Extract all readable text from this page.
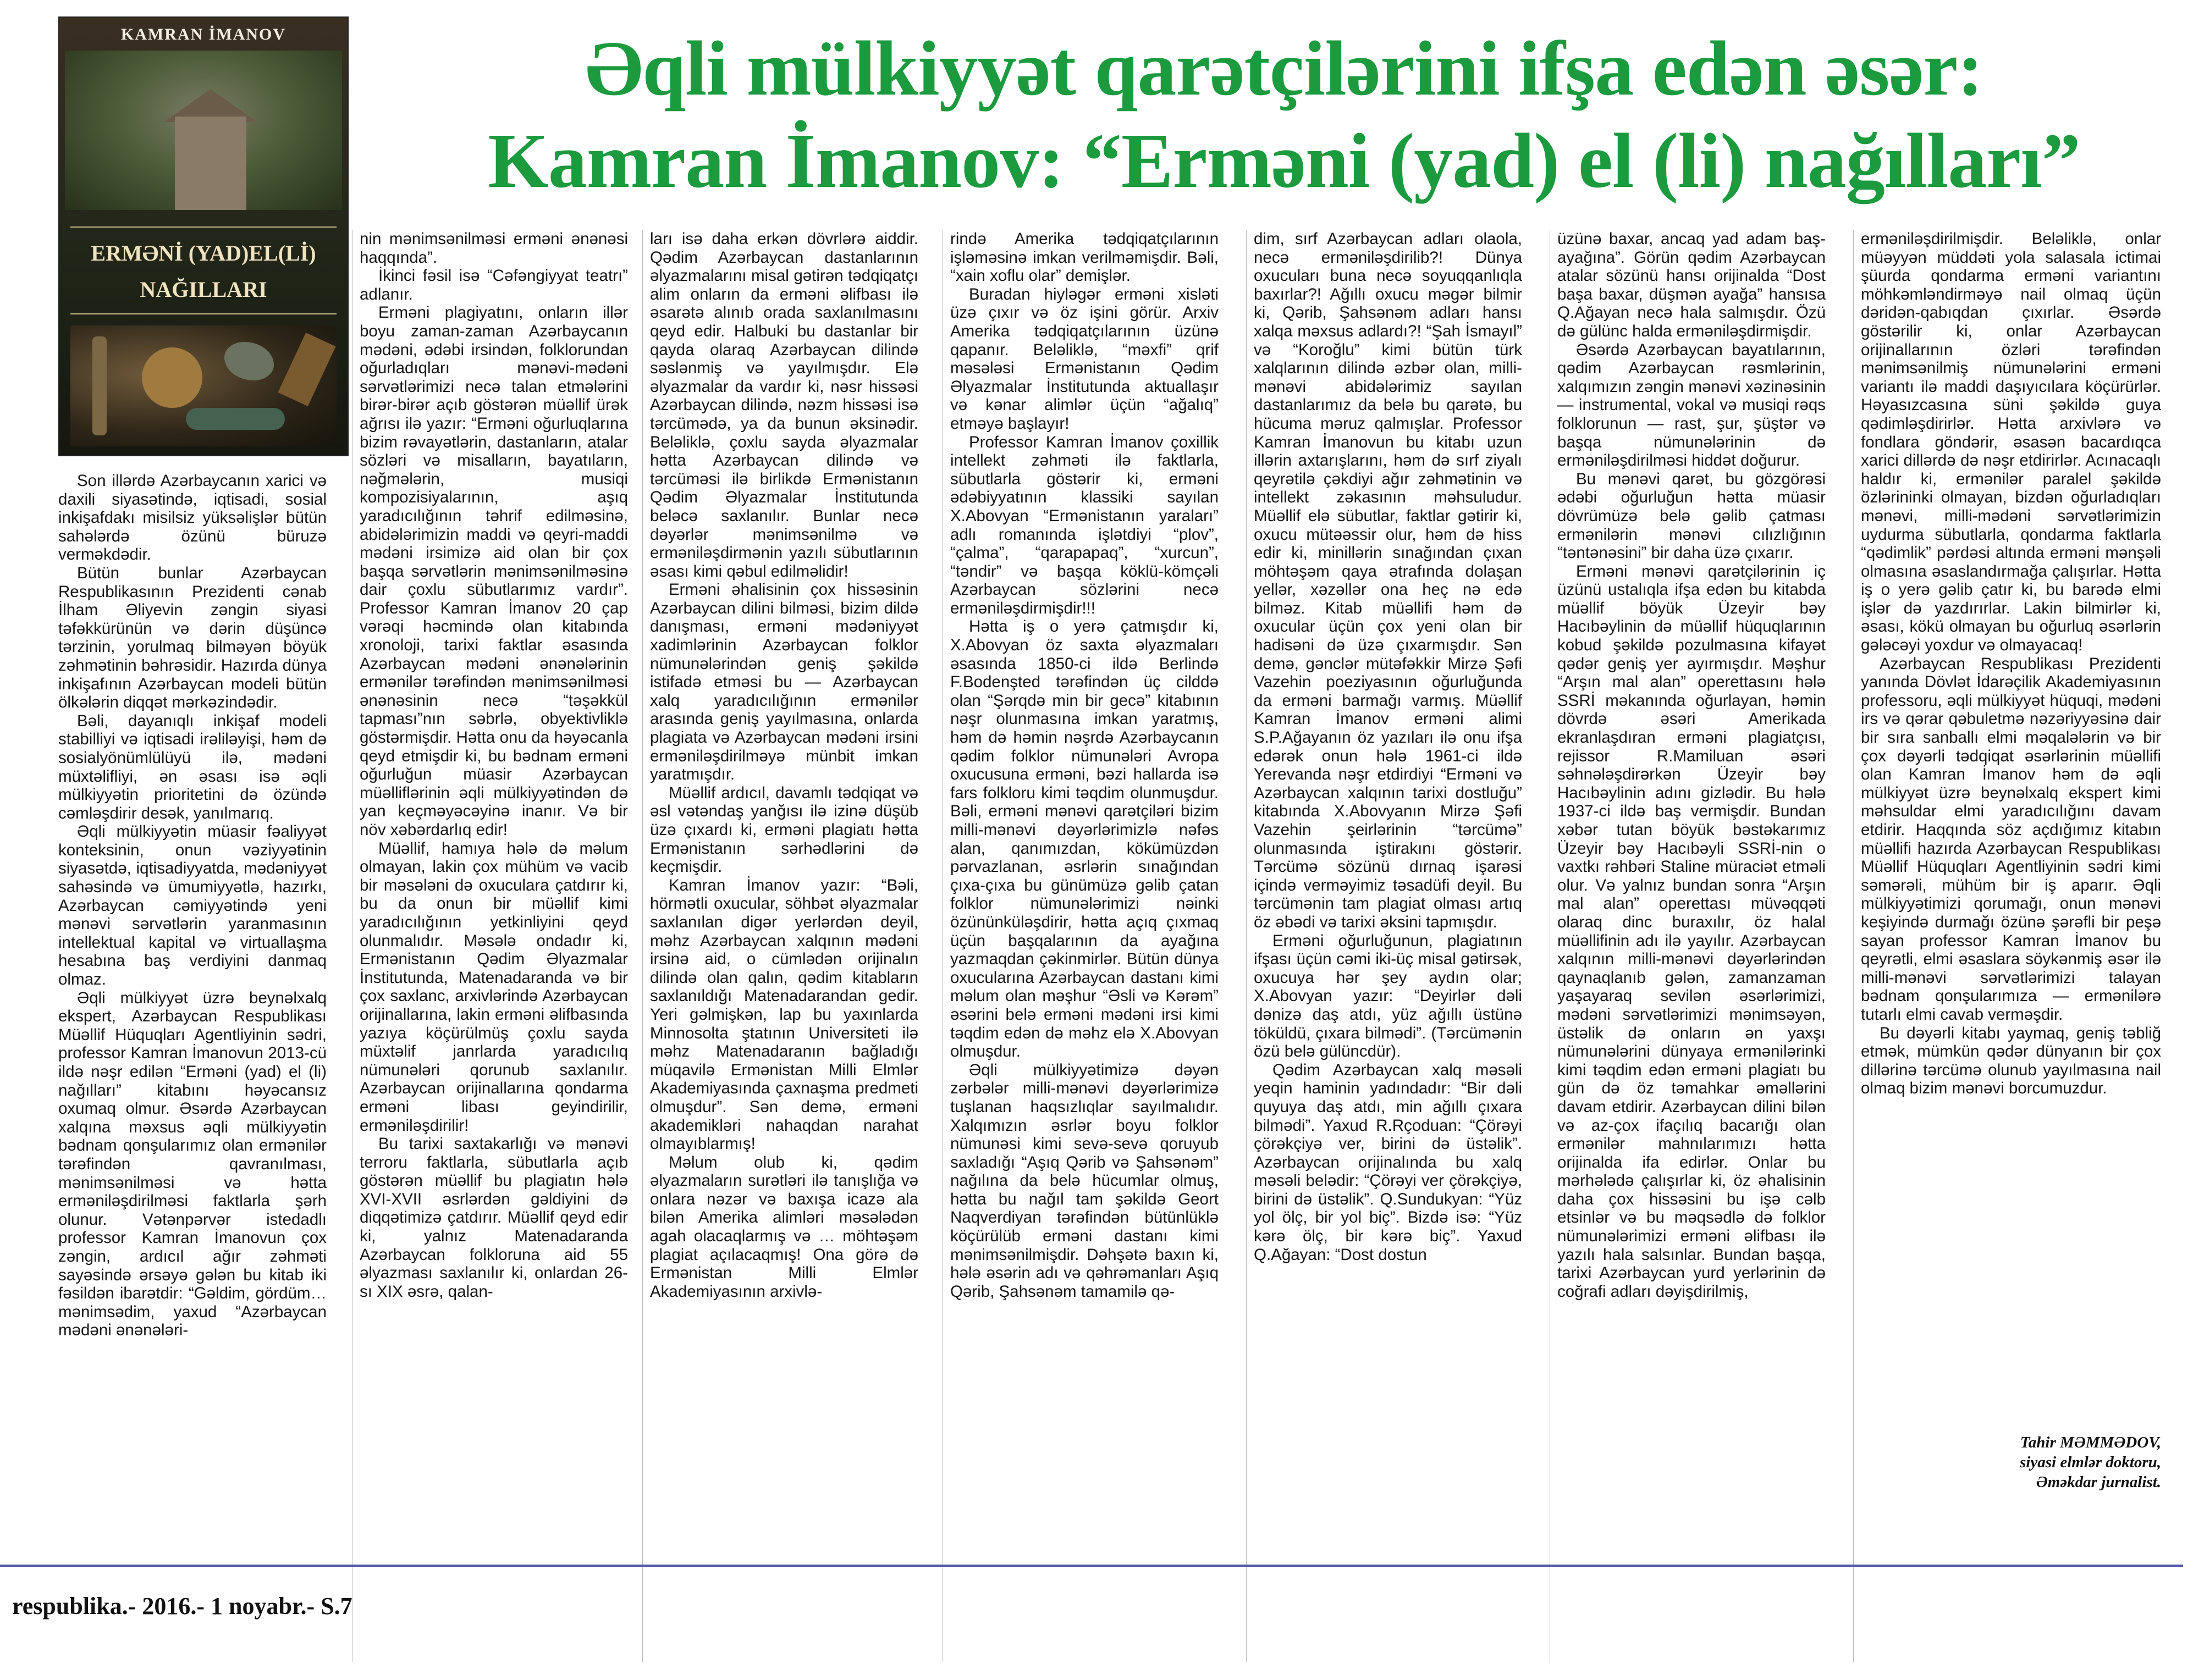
KAMRAN İMANOV
ERMƏNİ (YAD)EL(Lİ) NAĞILLARI
Əqli mülkiyyət qarətçilərini ifşa edən əsər:
Kamran İmanov: “Erməni (yad) el (li) nağılları”

Son illərdə Azərbaycanın xarici və daxili siyasətində, iqtisadi, sosial inkişafdakı misilsiz yüksəlişlər bütün sahələrdə özünü büruzə verməkdədir.

Bütün bunlar Azərbaycan Respublikasının Prezidenti cənab İlham Əliyevin zəngin siyasi təfəkkürünün və dərin düşüncə tərzinin, yorulmaq bilməyən böyük zəhmətinin bəhrəsidir. Hazırda dünya inkişafının Azərbaycan modeli bütün ölkələrin diqqət mərkəzindədir.

Bəli, dayanıqlı inkişaf modeli stabilliyi və iqtisadi irəliləyişi, həm də sosialyönümlülüyü ilə, mədəni müxtəlifliyi, ən əsası isə əqli mülkiyyətin prioritetini də özündə cəmləşdirir desək, yanılmarıq.

Əqli mülkiyyətin müasir fəaliyyət konteksinin, onun vəziyyətinin siyasətdə, iqtisadiyyatda, mədəniyyət sahəsində və ümumiyyətlə, hazırkı, Azərbaycan cəmiyyətində yeni mənəvi sərvətlərin yaranmasının intellektual kapital və virtuallaşma hesabına baş verdiyini danmaq olmaz.

Əqli mülkiyyət üzrə beynəlxalq ekspert, Azərbaycan Respublikası Müəllif Hüquqları Agentliyinin sədri, professor Kamran İmanovun 2013-cü ildə nəşr edilən “Erməni (yad) el (li) nağılları” kitabını həyəcansız oxumaq olmur. Əsərdə Azərbaycan xalqına məxsus əqli mülkiyyətin bədnam qonşularımız olan ermənilər tərəfindən qavranılması, mənimsənilməsi və hətta erməniləşdirilməsi faktlarla şərh olunur. Vətənpərvər istedadlı professor Kamran İmanovun çox zəngin, ardıcıl ağır zəhməti sayəsində ərsəyə gələn bu kitab iki fəsildən ibarətdir: “Gəldim, gördüm… mənimsədim, yaxud “Azərbaycan mədəni ənənələri-

nin mənimsənilməsi erməni ənənəsi haqqında”.

İkinci fəsil isə “Cəfəngiyyat teatrı” adlanır.

Erməni plagiyatını, onların illər boyu zaman-zaman Azərbaycanın mədəni, ədəbi irsindən, folklorundan oğurladıqları mənəvi-mədəni sərvətlərimizi necə talan etmələrini birər-birər açıb göstərən müəllif ürək ağrısı ilə yazır: “Erməni oğurluqlarına bizim rəvayətlərin, dastanların, atalar sözləri və misalların, bayatıların, nəğmələrin, musiqi kompozisiyalarının, aşıq yaradıcılığının təhrif edilməsinə, abidələrimizin maddi və qeyri-maddi mədəni irsimizə aid olan bir çox başqa sərvətlərin mənimsənilməsinə dair çoxlu sübutlarımız vardır”. Professor Kamran İmanov 20 çap vərəqi həcmində olan kitabında xronoloji, tarixi faktlar əsasında Azərbaycan mədəni ənənələrinin ermənilər tərəfindən mənimsənilməsi ənənəsinin necə “təşəkkül tapması”nın səbrlə, obyektivliklə göstərmişdir. Hətta onu da həyəcanla qeyd etmişdir ki, bu bədnam erməni oğurluğun müasir Azərbaycan müəlliflərinin əqli mülkiyyətindən də yan keçməyəcəyinə inanır. Və bir növ xəbərdarlıq edir!

Müəllif, hamıya hələ də məlum olmayan, lakin çox mühüm və vacib bir məsələni də oxuculara çatdırır ki, bu da onun bir müəllif kimi yaradıcılığının yetkinliyini qeyd olunmalıdır. Məsələ ondadır ki, Ermənistanın Qədim Əlyazmalar İnstitutunda, Matenadaranda və bir çox saxlanc, arxivlərində Azərbaycan orijinallarına, lakin erməni əlifbasında yazıya köçürülmüş çoxlu sayda müxtəlif janrlarda yaradıcılıq nümunələri qorunub saxlanılır. Azərbaycan orijinallarına qondarma erməni libası geyindirilir, erməniləşdirilir!

Bu tarixi saxtakarlığı və mənəvi terroru faktlarla, sübutlarla açıb göstərən müəllif bu plagiatın hələ XVI-XVII əsrlərdən gəldiyini də diqqətimizə çatdırır. Müəllif qeyd edir ki, yalnız Matenadaranda Azərbaycan folkloruna aid 55 əlyazması saxlanılır ki, onlardan 26-sı XIX əsrə, qalan-

ları isə daha erkən dövrlərə aiddir. Qədim Azərbaycan dastanlarının əlyazmalarını misal gətirən tədqiqatçı alim onların da erməni əlifbası ilə əsarətə alınıb orada saxlanılmasını qeyd edir. Halbuki bu dastanlar bir qayda olaraq Azərbaycan dilində səslənmiş və yayılmışdır. Elə əlyazmalar da vardır ki, nəsr hissəsi Azərbaycan dilində, nəzm hissəsi isə tərcümədə, ya da bunun əksinədir. Beləliklə, çoxlu sayda əlyazmalar hətta Azərbaycan dilində və tərcüməsi ilə birlikdə Ermənistanın Qədim Əlyazmalar İnstitutunda beləcə saxlanılır. Bunlar necə dəyərlər mənimsənilmə və erməniləşdirmənin yazılı sübutlarının əsası kimi qəbul edilməlidir!

Erməni əhalisinin çox hissəsinin Azərbaycan dilini bilməsi, bizim dildə danışması, erməni mədəniyyət xadimlərinin Azərbaycan folklor nümunələrindən geniş şəkildə istifadə etməsi bu — Azərbaycan xalq yaradıcılığının ermənilər arasında geniş yayılmasına, onlarda plagiata və Azərbaycan mədəni irsini erməniləşdirilməyə münbit imkan yaratmışdır.

Müəllif ardıcıl, davamlı tədqiqat və əsl vətəndaş yanğısı ilə izinə düşüb üzə çıxardı ki, erməni plagiatı hətta Ermənistanın sərhədlərini də keçmişdir.

Kamran İmanov yazır: “Bəli, hörmətli oxucular, söhbət əlyazmalar saxlanılan digər yerlərdən deyil, məhz Azərbaycan xalqının mədəni irsinə aid, o cümlədən orijinalın dilində olan qalın, qədim kitabların saxlanıldığı Matenadarandan gedir. Yeri gəlmişkən, lap bu yaxınlarda Minnosolta ştatının Universiteti ilə məhz Matenadaranın bağladığı müqavilə Ermənistan Milli Elmlər Akademiyasında çaxnaşma predmeti olmuşdur”. Sən demə, erməni akademikləri nahaqdan narahat olmayıblarmış!

Məlum olub ki, qədim əlyazmaların surətləri ilə tanışlığa və onlara nəzər və baxışa icazə ala bilən Amerika alimləri məsələdən agah olacaqlarmış və … möhtəşəm plagiat açılacaqmış! Ona görə də Ermənistan Milli Elmlər Akademiyasının arxivlə-

rində Amerika tədqiqatçılarının işləməsinə imkan verilməmişdir. Bəli, “xain xoflu olar” demişlər.

Buradan hiyləgər erməni xisləti üzə çıxır və öz işini görür. Arxiv Amerika tədqiqatçılarının üzünə qapanır. Beləliklə, “məxfi” qrif məsələsi Ermənistanın Qədim Əlyazmalar İnstitutunda aktuallaşır və kənar alimlər üçün “ağalıq” etməyə başlayır!

Professor Kamran İmanov çoxillik intellekt zəhməti ilə faktlarla, sübutlarla göstərir ki, erməni ədəbiyyatının klassiki sayılan X.Abovyan “Ermənistanın yaraları” adlı romanında işlətdiyi “plov”, “çalma”, “qarapapaq”, “xurcun”, “təndir” və başqa köklü-kömçəli Azərbaycan sözlərini necə erməniləşdirmişdir!!!

Hətta iş o yerə çatmışdır ki, X.Abovyan öz saxta əlyazmaları əsasında 1850-ci ildə Berlində F.Bodenşted tərəfindən üç cilddə olan “Şərqdə min bir gecə” kitabının nəşr olunmasına imkan yaratmış, həm də həmin nəşrdə Azərbaycanın qədim folklor nümunələri Avropa oxucusuna erməni, bəzi hallarda isə fars folkloru kimi təqdim olunmuşdur. Bəli, erməni mənəvi qarətçiləri bizim milli-mənəvi dəyərlərimizlə nəfəs alan, qanımızdan, kökümüzdən pərvazlanan, əsrlərin sınağından çıxa-çıxa bu günümüzə gəlib çatan folklor nümunələrimizi nəinki özününküləşdirir, hətta açıq çıxmaq üçün başqalarının da ayağına yazmaqdan çəkinmirlər. Bütün dünya oxucularına Azərbaycan dastanı kimi məlum olan məşhur “Əsli və Kərəm” əsərini belə erməni mədəni irsi kimi təqdim edən də məhz elə X.Abovyan olmuşdur.

Əqli mülkiyyətimizə dəyən zərbələr milli-mənəvi dəyərlərimizə tuşlanan haqsızlıqlar sayılmalıdır. Xalqımızın əsrlər boyu folklor nümunəsi kimi sevə-sevə qoruyub saxladığı “Aşıq Qərib və Şahsənəm” nağılına da belə hücumlar olmuş, hətta bu nağıl tam şəkildə Geort Naqverdiyan tərəfindən bütünlüklə köçürülüb erməni dastanı kimi mənimsənilmişdir. Dəhşətə baxın ki, hələ əsərin adı və qəhrəmanları Aşıq Qərib, Şahsənəm tamamilə qə-

dim, sırf Azərbaycan adları olaola, necə erməniləşdirilib?! Dünya oxucuları buna necə soyuqqanlıqla baxırlar?! Ağıllı oxucu məgər bilmir ki, Qərib, Şahsənəm adları hansı xalqa məxsus adlardı?! “Şah İsmayıl” və “Koroğlu” kimi bütün türk xalqlarının dilində əzbər olan, milli-mənəvi abidələrimiz sayılan dastanlarımız da belə bu qarətə, bu hücuma məruz qalmışlar. Professor Kamran İmanovun bu kitabı uzun illərin axtarışlarını, həm də sırf ziyalı qeyrətilə çəkdiyi ağır zəhmətinin və intellekt zəkasının məhsuludur. Müəllif elə sübutlar, faktlar gətirir ki, oxucu mütəəssir olur, həm də hiss edir ki, minillərin sınağından çıxan möhtəşəm qaya ətrafında dolaşan yellər, xəzəllər ona heç nə edə bilməz. Kitab müəllifi həm də oxucular üçün çox yeni olan bir hadisəni də üzə çıxarmışdır. Sən demə, gənclər mütəfəkkir Mirzə Şəfi Vazehin poeziyasının oğurluğunda da erməni barmağı varmış. Müəllif Kamran İmanov erməni alimi S.P.Ağayanın öz yazıları ilə onu ifşa edərək onun hələ 1961-ci ildə Yerevanda nəşr etdirdiyi “Erməni və Azərbaycan xalqının tarixi dostluğu” kitabında X.Abovyanın Mirzə Şəfi Vazehin şeirlərinin “tərcümə” olunmasında iştirakını göstərir. Tərcümə sözünü dırnaq işarəsi içində verməyimiz təsadüfi deyil. Bu tərcümənin tam plagiat olması artıq öz əbədi və tarixi əksini tapmışdır.

Erməni oğurluğunun, plagiatının ifşası üçün cəmi iki-üç misal gətirsək, oxucuya hər şey aydın olar; X.Abovyan yazır: “Deyirlər dəli dənizə daş atdı, yüz ağıllı üstünə töküldü, çıxara bilmədi”. (Tərcümənin özü belə gülüncdür).

Qədim Azərbaycan xalq məsəli yeqin haminin yadındadır: “Bir dəli quyuya daş atdı, min ağıllı çıxara bilmədi”. Yaxud R.Rçoduan: “Çörəyi çörəkçiyə ver, birini də üstəlik”. Azərbaycan orijinalında bu xalq məsəli belədir: “Çörəyi ver çörəkçiyə, birini də üstəlik”. Q.Sundukyan: “Yüz yol ölç, bir yol biç”. Bizdə isə: “Yüz kərə ölç, bir kərə biç”. Yaxud Q.Ağayan: “Dost dostun

üzünə baxar, ancaq yad adam baş-ayağına”. Görün qədim Azərbaycan atalar sözünü hansı orijinalda “Dost başa baxar, düşmən ayağa” hansısa Q.Ağayan necə hala salmışdır. Özü də gülünc halda erməniləşdirmişdir.

Əsərdə Azərbaycan bayatılarının, qədim Azərbaycan rəsmlərinin, xalqımızın zəngin mənəvi xəzinəsinin — instrumental, vokal və musiqi rəqs folklorunun — rast, şur, şüştər və başqa nümunələrinin də erməniləşdirilməsi hiddət doğurur.

Bu mənəvi qarət, bu gözgörəsi ədəbi oğurluğun hətta müasir dövrümüzə belə gəlib çatması ermənilərin mənəvi cılızlığının “təntənəsini” bir daha üzə çıxarır.

Erməni mənəvi qarətçilərinin iç üzünü ustalıqla ifşa edən bu kitabda müəllif böyük Üzeyir bəy Hacıbəylinin də müəllif hüquqlarının kobud şəkildə pozulmasına kifayət qədər geniş yer ayırmışdır. Məşhur “Arşın mal alan” operettasını hələ SSRİ məkanında oğurlayan, həmin dövrdə əsəri Amerikada ekranlaşdıran erməni plagiatçısı, rejissor R.Mamiluan əsəri səhnələşdirərkən Üzeyir bəy Hacıbəylinin adını gizlədir. Bu hələ 1937-ci ildə baş vermişdir. Bundan xəbər tutan böyük bəstəkarımız Üzeyir bəy Hacıbəyli SSRİ-nin o vaxtkı rəhbəri Staline müraciət etməli olur. Və yalnız bundan sonra “Arşın mal alan” operettası müvəqqəti olaraq dinc buraxılır, öz halal müəllifinin adı ilə yayılır. Azərbaycan xalqının milli-mənəvi dəyərlərindən qaynaqlanıb gələn, zamanzaman yaşayaraq sevilən əsərlərimizi, mədəni sərvətlərimizi mənimsəyən, üstəlik də onların ən yaxşı nümunələrini dünyaya ermənilərinki kimi təqdim edən erməni plagiatı bu gün də öz təmahkar əməllərini davam etdirir. Azərbaycan dilini bilən və az-çox ifaçılıq bacarığı olan ermənilər mahnılarımızı hətta orijinalda ifa edirlər. Onlar bu mərhələdə çalışırlar ki, öz əhalisinin daha çox hissəsini bu işə cəlb etsinlər və bu məqsədlə də folklor nümunələrimizi erməni əlifbası ilə yazılı hala salsınlar. Bundan başqa, tarixi Azərbaycan yurd yerlərinin də coğrafi adları dəyişdirilmiş,

erməniləşdirilmişdir. Beləliklə, onlar müəyyən müddəti yola salasala ictimai şüurda qondarma erməni variantını möhkəmləndirməyə nail olmaq üçün dəridən-qabıqdan çıxırlar. Əsərdə göstərilir ki, onlar Azərbaycan orijinallarının özləri tərəfindən mənimsənilmiş nümunələrini erməni variantı ilə maddi daşıyıcılara köçürürlər. Həyasızcasına süni şəkildə guya qədimləşdirirlər. Hətta arxivlərə və fondlara göndərir, əsasən bacardıqca xarici dillərdə də nəşr etdirirlər. Acınacaqlı haldır ki, ermənilər paralel şəkildə özlərininki olmayan, bizdən oğurladıqları mənəvi, milli-mədəni sərvətlərimizin uydurma sübutlarla, qondarma faktlarla “qədimlik” pərdəsi altında erməni mənşəli olmasına əsaslandırmağa çalışırlar. Hətta iş o yerə gəlib çatır ki, bu barədə elmi işlər də yazdırırlar. Lakin bilmirlər ki, əsası, kökü olmayan bu oğurluq əsərlərin gələcəyi yoxdur və olmayacaq!

Azərbaycan Respublikası Prezidenti yanında Dövlət İdarəçilik Akademiyasının professoru, əqli mülkiyyət hüquqi, mədəni irs və qərar qəbuletmə nəzəriyyəsinə dair bir sıra sanballı elmi məqalələrin və bir çox dəyərli tədqiqat əsərlərinin müəllifi olan Kamran İmanov həm də əqli mülkiyyət üzrə beynəlxalq ekspert kimi məhsuldar elmi yaradıcılığını davam etdirir. Haqqında söz açdığımız kitabın müəllifi hazırda Azərbaycan Respublikası Müəllif Hüquqları Agentliyinin sədri kimi səmərəli, mühüm bir iş aparır. Əqli mülkiyyətimizi qorumağı, onun mənəvi keşiyində durmağı özünə şərəfli bir peşə sayan professor Kamran İmanov bu qeyrətli, elmi əsaslara söykənmiş əsər ilə milli-mənəvi sərvətlərimizi talayan bədnam qonşularımıza — ermənilərə tutarlı elmi cavab verməşdir.

Bu dəyərli kitabı yaymaq, geniş təbliğ etmək, mümkün qədər dünyanın bir çox dillərinə tərcümə olunub yayılmasına nail olmaq bizim mənəvi borcumuzdur.

Tahir MƏMMƏDOV,
siyasi elmlər doktoru,
Əməkdar jurnalist.
respublika.- 2016.- 1 noyabr.- S.7
